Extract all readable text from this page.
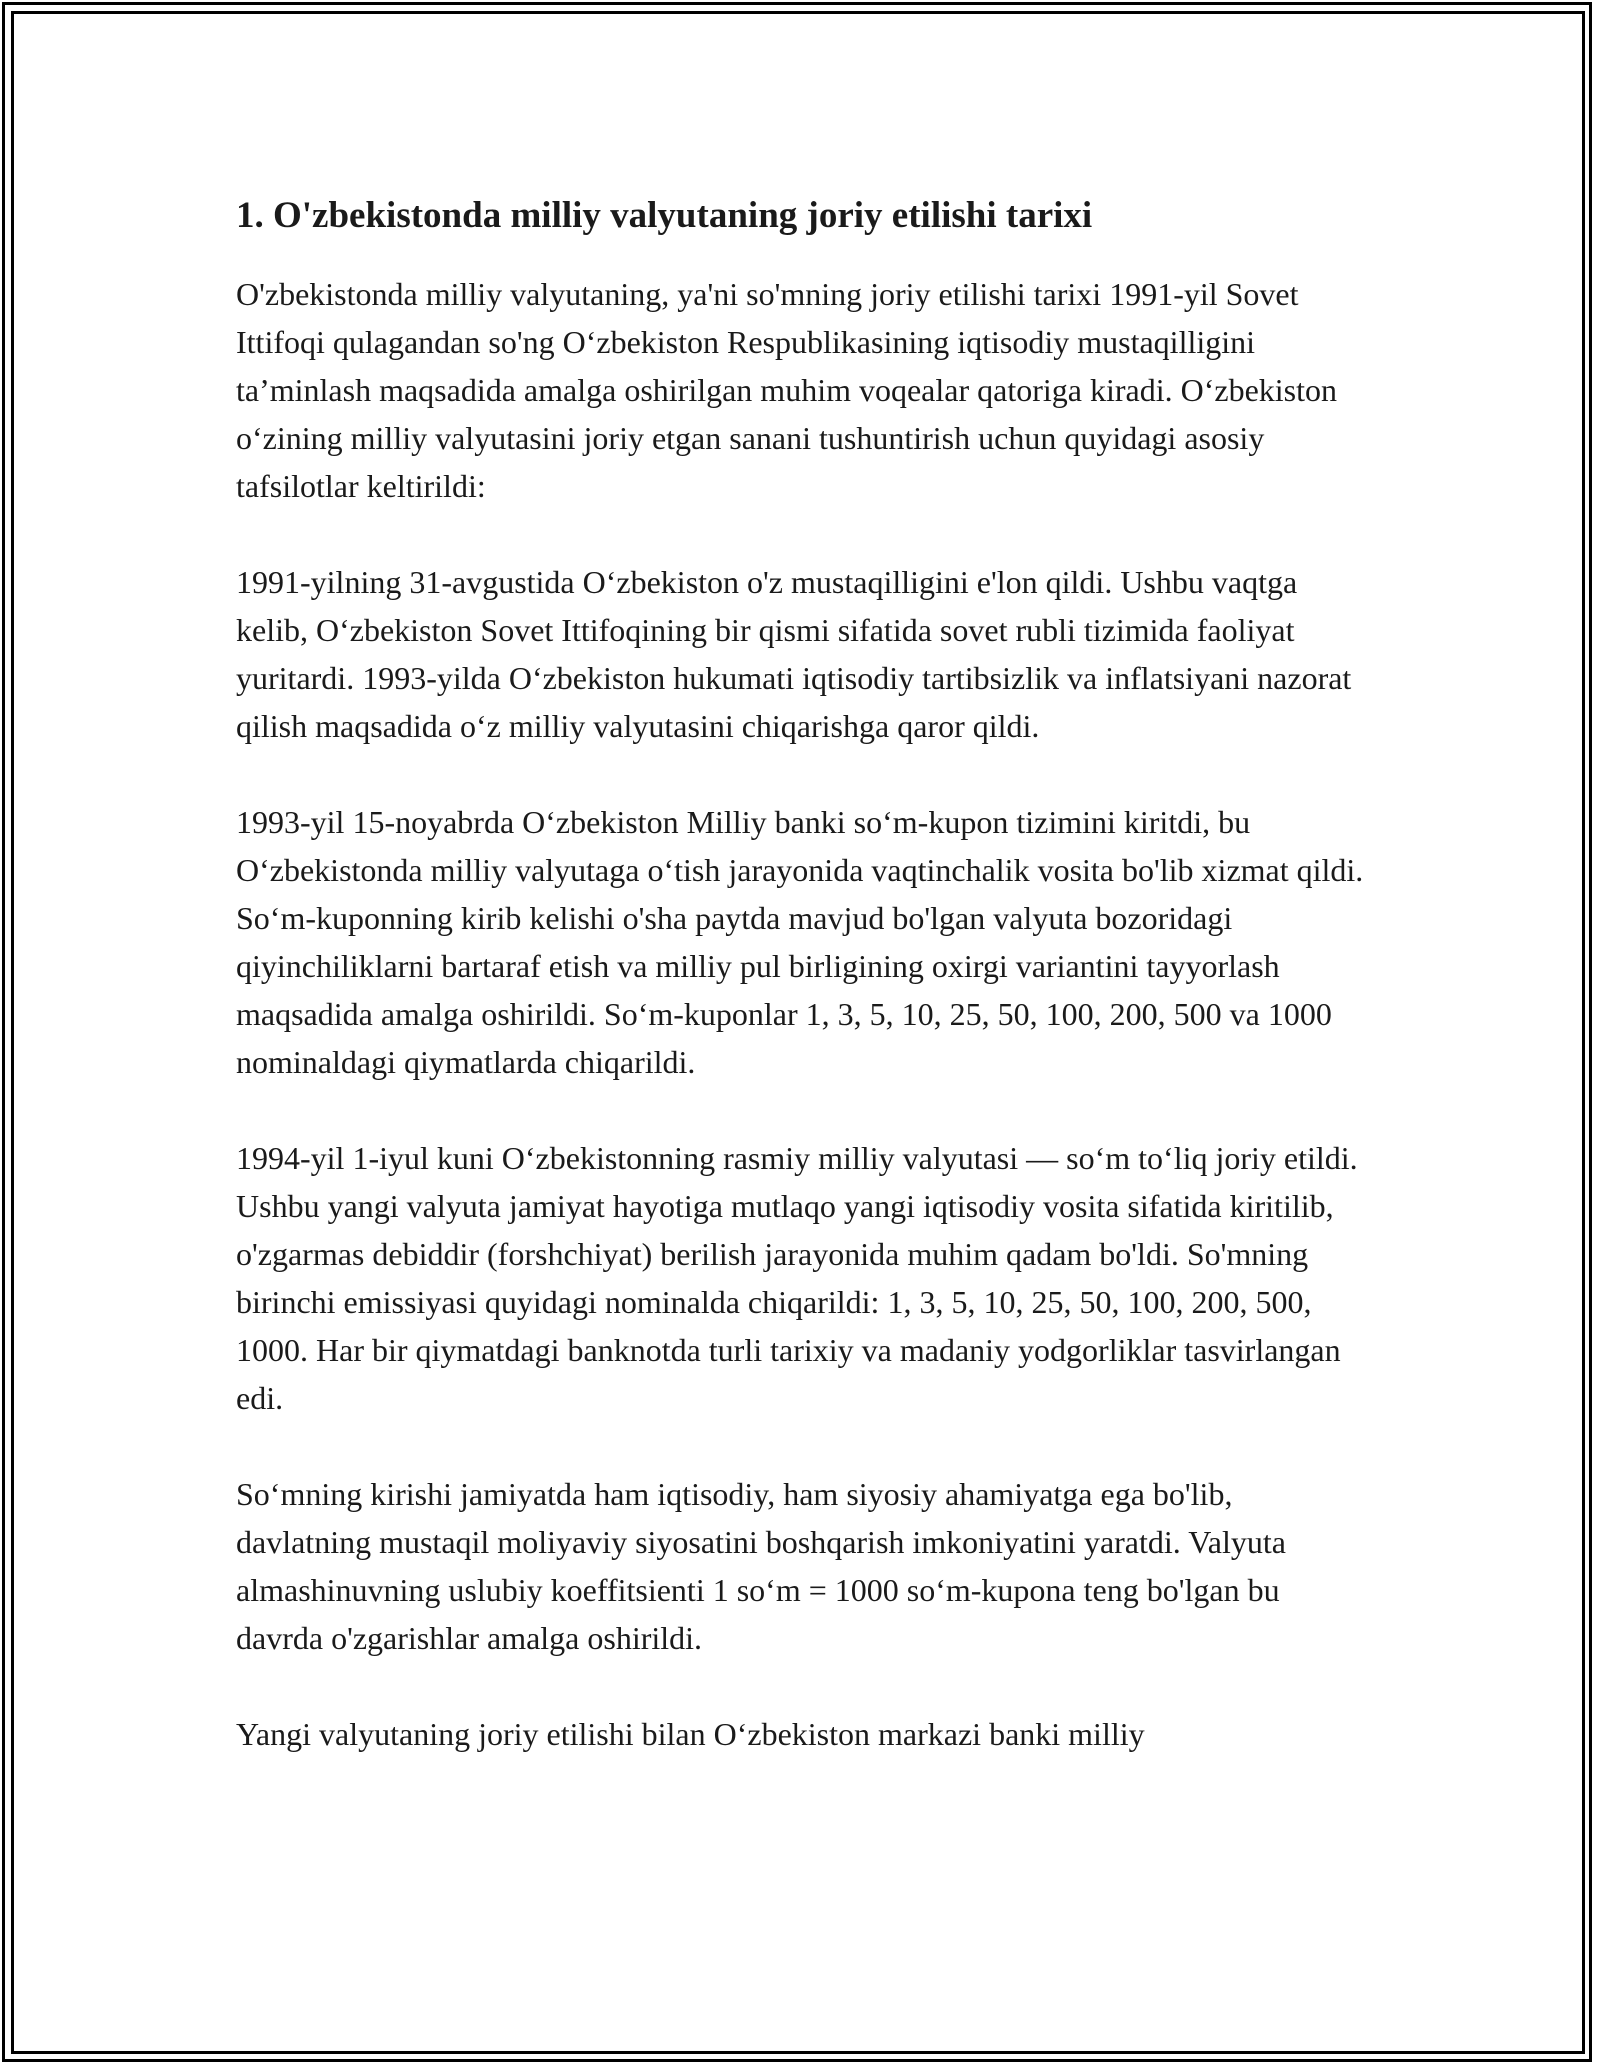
1. O'zbekistonda milliy valyutaning joriy etilishi tarixi

O'zbekistonda milliy valyutaning, ya'ni so'mning joriy etilishi tarixi 1991-yil Sovet Ittifoqi qulagandan so'ng O‘zbekiston Respublikasining iqtisodiy mustaqilligini ta’minlash maqsadida amalga oshirilgan muhim voqealar qatoriga kiradi. O‘zbekiston o‘zining milliy valyutasini joriy etgan sanani tushuntirish uchun quyidagi asosiy tafsilotlar keltirildi:

1991-yilning 31-avgustida O‘zbekiston o'z mustaqilligini e'lon qildi. Ushbu vaqtga kelib, O‘zbekiston Sovet Ittifoqining bir qismi sifatida sovet rubli tizimida faoliyat yuritardi. 1993-yilda O‘zbekiston hukumati iqtisodiy tartibsizlik va inflatsiyani nazorat qilish maqsadida o‘z milliy valyutasini chiqarishga qaror qildi.

1993-yil 15-noyabrda O‘zbekiston Milliy banki so‘m-kupon tizimini kiritdi, bu O‘zbekistonda milliy valyutaga o‘tish jarayonida vaqtinchalik vosita bo'lib xizmat qildi. So‘m-kuponning kirib kelishi o'sha paytda mavjud bo'lgan valyuta bozoridagi qiyinchiliklarni bartaraf etish va milliy pul birligining oxirgi variantini tayyorlash maqsadida amalga oshirildi. So‘m-kuponlar 1, 3, 5, 10, 25, 50, 100, 200, 500 va 1000 nominaldagi qiymatlarda chiqarildi.

1994-yil 1-iyul kuni O‘zbekistonning rasmiy milliy valyutasi — so‘m to‘liq joriy etildi. Ushbu yangi valyuta jamiyat hayotiga mutlaqo yangi iqtisodiy vosita sifatida kiritilib, o'zgarmas debiddir (forshchiyat) berilish jarayonida muhim qadam bo'ldi. So'mning birinchi emissiyasi quyidagi nominalda chiqarildi: 1, 3, 5, 10, 25, 50, 100, 200, 500, 1000. Har bir qiymatdagi banknotda turli tarixiy va madaniy yodgorliklar tasvirlangan edi.

So‘mning kirishi jamiyatda ham iqtisodiy, ham siyosiy ahamiyatga ega bo'lib, davlatning mustaqil moliyaviy siyosatini boshqarish imkoniyatini yaratdi. Valyuta almashinuvning uslubiy koeffitsienti 1 so‘m = 1000 so‘m-kupona teng bo'lgan bu davrda o'zgarishlar amalga oshirildi.

Yangi valyutaning joriy etilishi bilan O‘zbekiston markazi banki milliy
